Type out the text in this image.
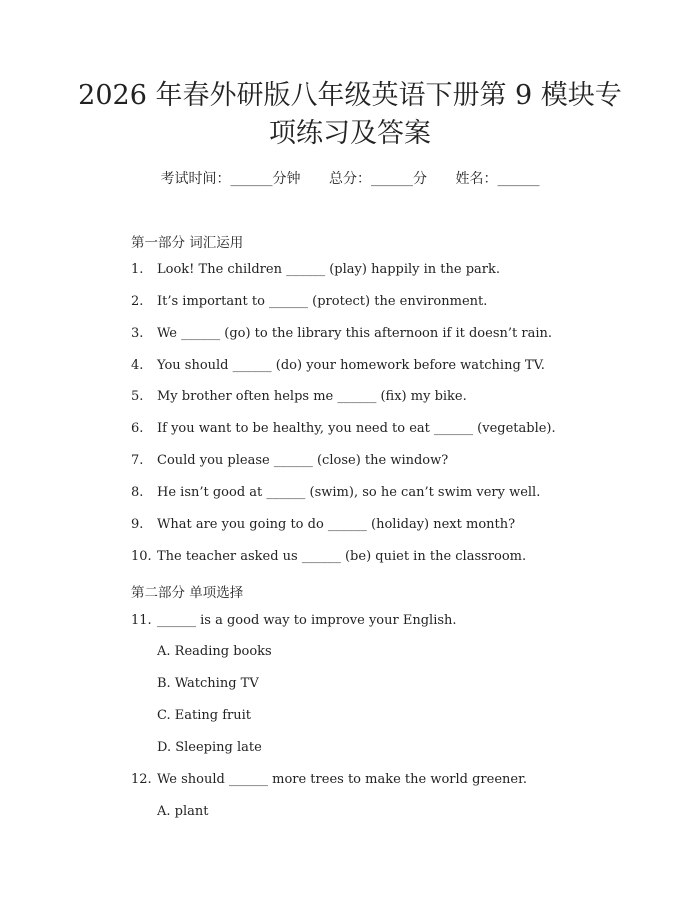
2026 年春外研版八年级英语下册第 9 模块专
项练习及答案
考试时间：______分钟 总分：______分 姓名：______
第一部分 词汇运用
1. Look! The children ______ (play) happily in the park.
2. It’s important to ______ (protect) the environment.
3. We ______ (go) to the library this afternoon if it doesn’t rain.
4. You should ______ (do) your homework before watching TV.
5. My brother often helps me ______ (fix) my bike.
6. If you want to be healthy, you need to eat ______ (vegetable).
7. Could you please ______ (close) the window?
8. He isn’t good at ______ (swim), so he can’t swim very well.
9. What are you going to do ______ (holiday) next month?
10. The teacher asked us ______ (be) quiet in the classroom.
第二部分 单项选择
11. ______ is a good way to improve your English.
A. Reading books
B. Watching TV
C. Eating fruit
D. Sleeping late
12. We should ______ more trees to make the world greener.
A. plant
